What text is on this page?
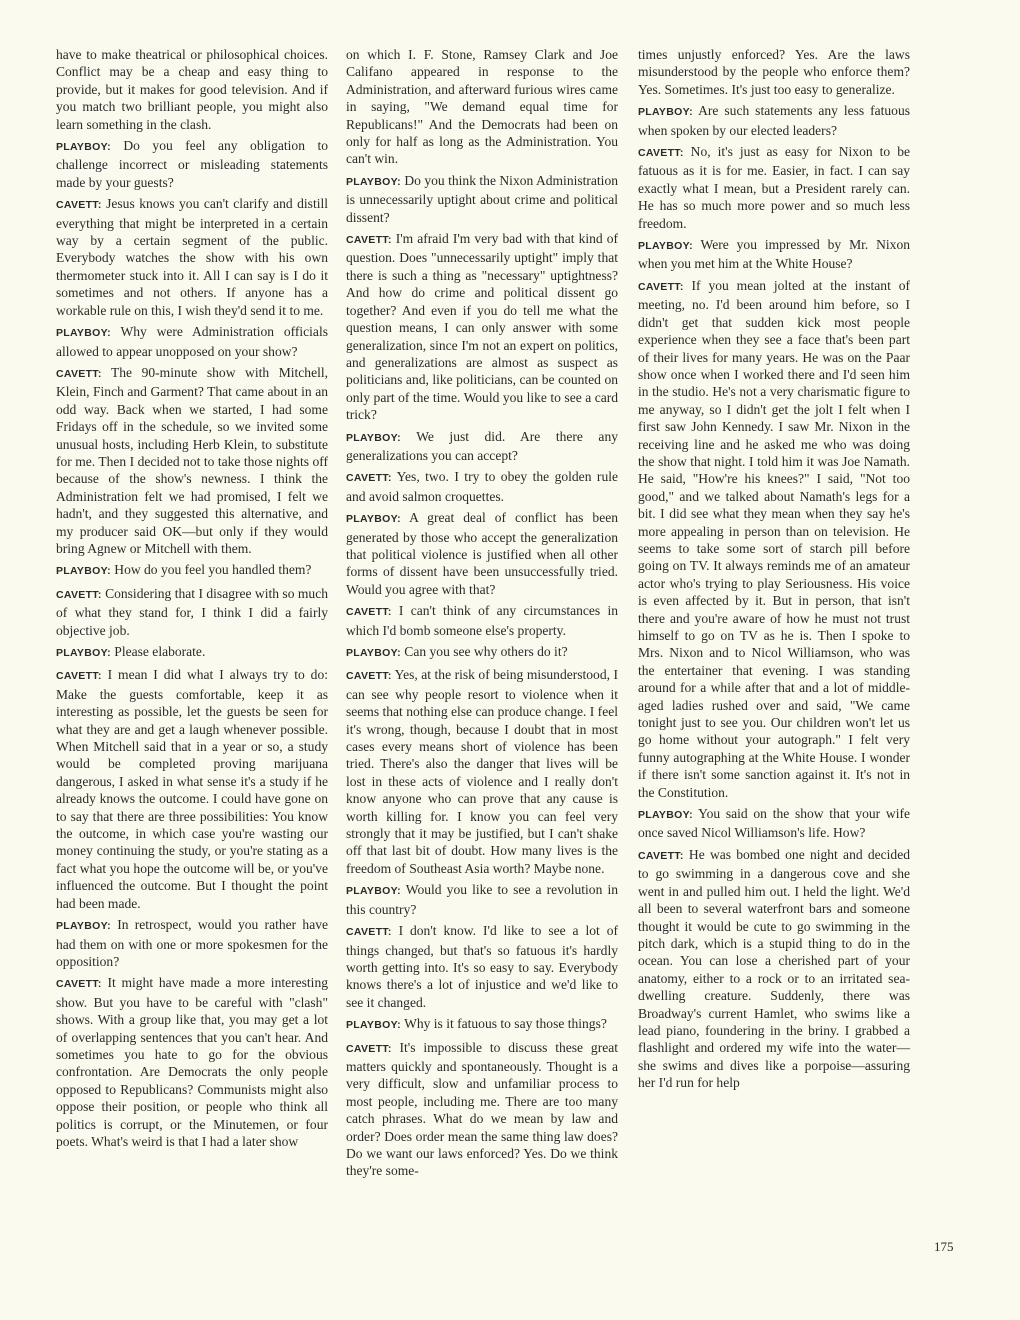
have to make theatrical or philosophical choices. Conflict may be a cheap and easy thing to provide, but it makes for good television. And if you match two brilliant people, you might also learn something in the clash.

PLAYBOY: Do you feel any obligation to challenge incorrect or misleading statements made by your guests?

CAVETT: Jesus knows you can't clarify and distill everything that might be interpreted in a certain way by a certain segment of the public. Everybody watches the show with his own thermometer stuck into it. All I can say is I do it sometimes and not others. If anyone has a workable rule on this, I wish they'd send it to me.

PLAYBOY: Why were Administration officials allowed to appear unopposed on your show?

CAVETT: The 90-minute show with Mitchell, Klein, Finch and Garment? That came about in an odd way. Back when we started, I had some Fridays off in the schedule, so we invited some unusual hosts, including Herb Klein, to substitute for me. Then I decided not to take those nights off because of the show's newness. I think the Administration felt we had promised, I felt we hadn't, and they suggested this alternative, and my producer said OK—but only if they would bring Agnew or Mitchell with them.

PLAYBOY: How do you feel you handled them?

CAVETT: Considering that I disagree with so much of what they stand for, I think I did a fairly objective job.

PLAYBOY: Please elaborate.

CAVETT: I mean I did what I always try to do: Make the guests comfortable, keep it as interesting as possible, let the guests be seen for what they are and get a laugh whenever possible. When Mitchell said that in a year or so, a study would be completed proving marijuana dangerous, I asked in what sense it's a study if he already knows the outcome. I could have gone on to say that there are three possibilities: You know the outcome, in which case you're wasting our money continuing the study, or you're stating as a fact what you hope the outcome will be, or you've influenced the outcome. But I thought the point had been made.

PLAYBOY: In retrospect, would you rather have had them on with one or more spokesmen for the opposition?

CAVETT: It might have made a more interesting show. But you have to be careful with "clash" shows. With a group like that, you may get a lot of overlapping sentences that you can't hear. And sometimes you hate to go for the obvious confrontation. Are Democrats the only people opposed to Republicans? Communists might also oppose their position, or people who think all politics is corrupt, or the Minutemen, or four poets. What's weird is that I had a later show

on which I. F. Stone, Ramsey Clark and Joe Califano appeared in response to the Administration, and afterward furious wires came in saying, "We demand equal time for Republicans!" And the Democrats had been on only for half as long as the Administration. You can't win.

PLAYBOY: Do you think the Nixon Administration is unnecessarily uptight about crime and political dissent?

CAVETT: I'm afraid I'm very bad with that kind of question. Does "unnecessarily uptight" imply that there is such a thing as "necessary" uptightness? And how do crime and political dissent go together? And even if you do tell me what the question means, I can only answer with some generalization, since I'm not an expert on politics, and generalizations are almost as suspect as politicians and, like politicians, can be counted on only part of the time. Would you like to see a card trick?

PLAYBOY: We just did. Are there any generalizations you can accept?

CAVETT: Yes, two. I try to obey the golden rule and avoid salmon croquettes.

PLAYBOY: A great deal of conflict has been generated by those who accept the generalization that political violence is justified when all other forms of dissent have been unsuccessfully tried. Would you agree with that?

CAVETT: I can't think of any circumstances in which I'd bomb someone else's property.

PLAYBOY: Can you see why others do it?

CAVETT: Yes, at the risk of being misunderstood, I can see why people resort to violence when it seems that nothing else can produce change. I feel it's wrong, though, because I doubt that in most cases every means short of violence has been tried. There's also the danger that lives will be lost in these acts of violence and I really don't know anyone who can prove that any cause is worth killing for. I know you can feel very strongly that it may be justified, but I can't shake off that last bit of doubt. How many lives is the freedom of Southeast Asia worth? Maybe none.

PLAYBOY: Would you like to see a revolution in this country?

CAVETT: I don't know. I'd like to see a lot of things changed, but that's so fatuous it's hardly worth getting into. It's so easy to say. Everybody knows there's a lot of injustice and we'd like to see it changed.

PLAYBOY: Why is it fatuous to say those things?

CAVETT: It's impossible to discuss these great matters quickly and spontaneously. Thought is a very difficult, slow and unfamiliar process to most people, including me. There are too many catch phrases. What do we mean by law and order? Does order mean the same thing law does? Do we want our laws enforced? Yes. Do we think they're some-

times unjustly enforced? Yes. Are the laws misunderstood by the people who enforce them? Yes. Sometimes. It's just too easy to generalize.

PLAYBOY: Are such statements any less fatuous when spoken by our elected leaders?

CAVETT: No, it's just as easy for Nixon to be fatuous as it is for me. Easier, in fact. I can say exactly what I mean, but a President rarely can. He has so much more power and so much less freedom.

PLAYBOY: Were you impressed by Mr. Nixon when you met him at the White House?

CAVETT: If you mean jolted at the instant of meeting, no. I'd been around him before, so I didn't get that sudden kick most people experience when they see a face that's been part of their lives for many years. He was on the Paar show once when I worked there and I'd seen him in the studio. He's not a very charismatic figure to me anyway, so I didn't get the jolt I felt when I first saw John Kennedy. I saw Mr. Nixon in the receiving line and he asked me who was doing the show that night. I told him it was Joe Namath. He said, "How're his knees?" I said, "Not too good," and we talked about Namath's legs for a bit. I did see what they mean when they say he's more appealing in person than on television. He seems to take some sort of starch pill before going on TV. It always reminds me of an amateur actor who's trying to play Seriousness. His voice is even affected by it. But in person, that isn't there and you're aware of how he must not trust himself to go on TV as he is. Then I spoke to Mrs. Nixon and to Nicol Williamson, who was the entertainer that evening. I was standing around for a while after that and a lot of middle-aged ladies rushed over and said, "We came tonight just to see you. Our children won't let us go home without your autograph." I felt very funny autographing at the White House. I wonder if there isn't some sanction against it. It's not in the Constitution.

PLAYBOY: You said on the show that your wife once saved Nicol Williamson's life. How?

CAVETT: He was bombed one night and decided to go swimming in a dangerous cove and she went in and pulled him out. I held the light. We'd all been to several waterfront bars and someone thought it would be cute to go swimming in the pitch dark, which is a stupid thing to do in the ocean. You can lose a cherished part of your anatomy, either to a rock or to an irritated sea-dwelling creature. Suddenly, there was Broadway's current Hamlet, who swims like a lead piano, foundering in the briny. I grabbed a flashlight and ordered my wife into the water—she swims and dives like a porpoise—assuring her I'd run for help

175
